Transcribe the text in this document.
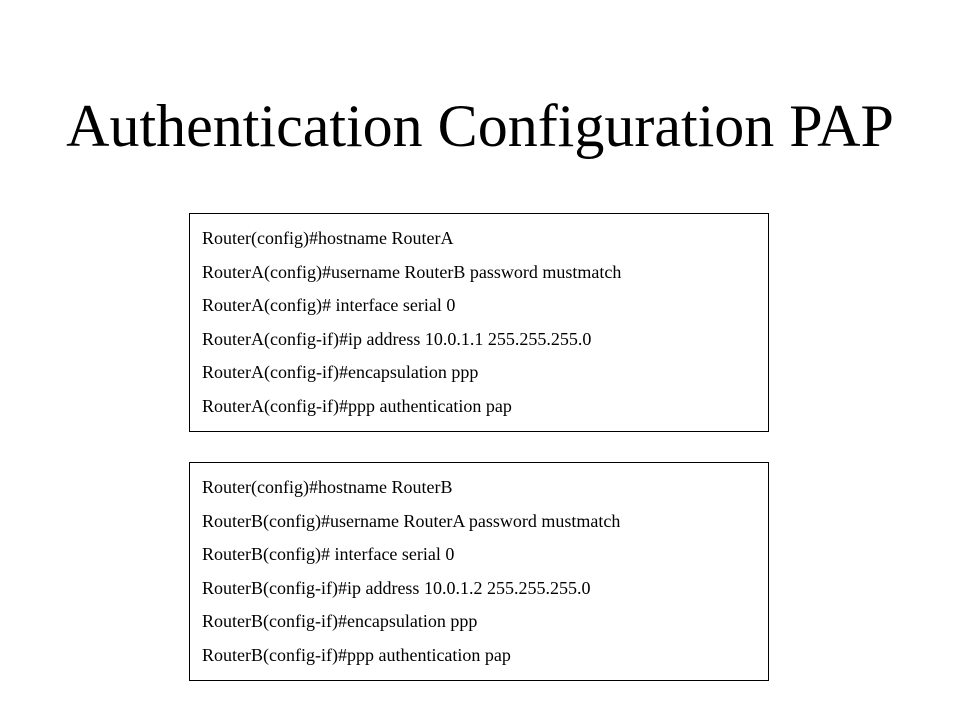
Authentication Configuration PAP
Router(config)#hostname RouterA
RouterA(config)#username RouterB password mustmatch
RouterA(config)# interface serial 0
RouterA(config-if)#ip address 10.0.1.1 255.255.255.0
RouterA(config-if)#encapsulation ppp
RouterA(config-if)#ppp authentication pap
Router(config)#hostname RouterB
RouterB(config)#username RouterA password mustmatch
RouterB(config)# interface serial 0
RouterB(config-if)#ip address 10.0.1.2 255.255.255.0
RouterB(config-if)#encapsulation ppp
RouterB(config-if)#ppp authentication pap
